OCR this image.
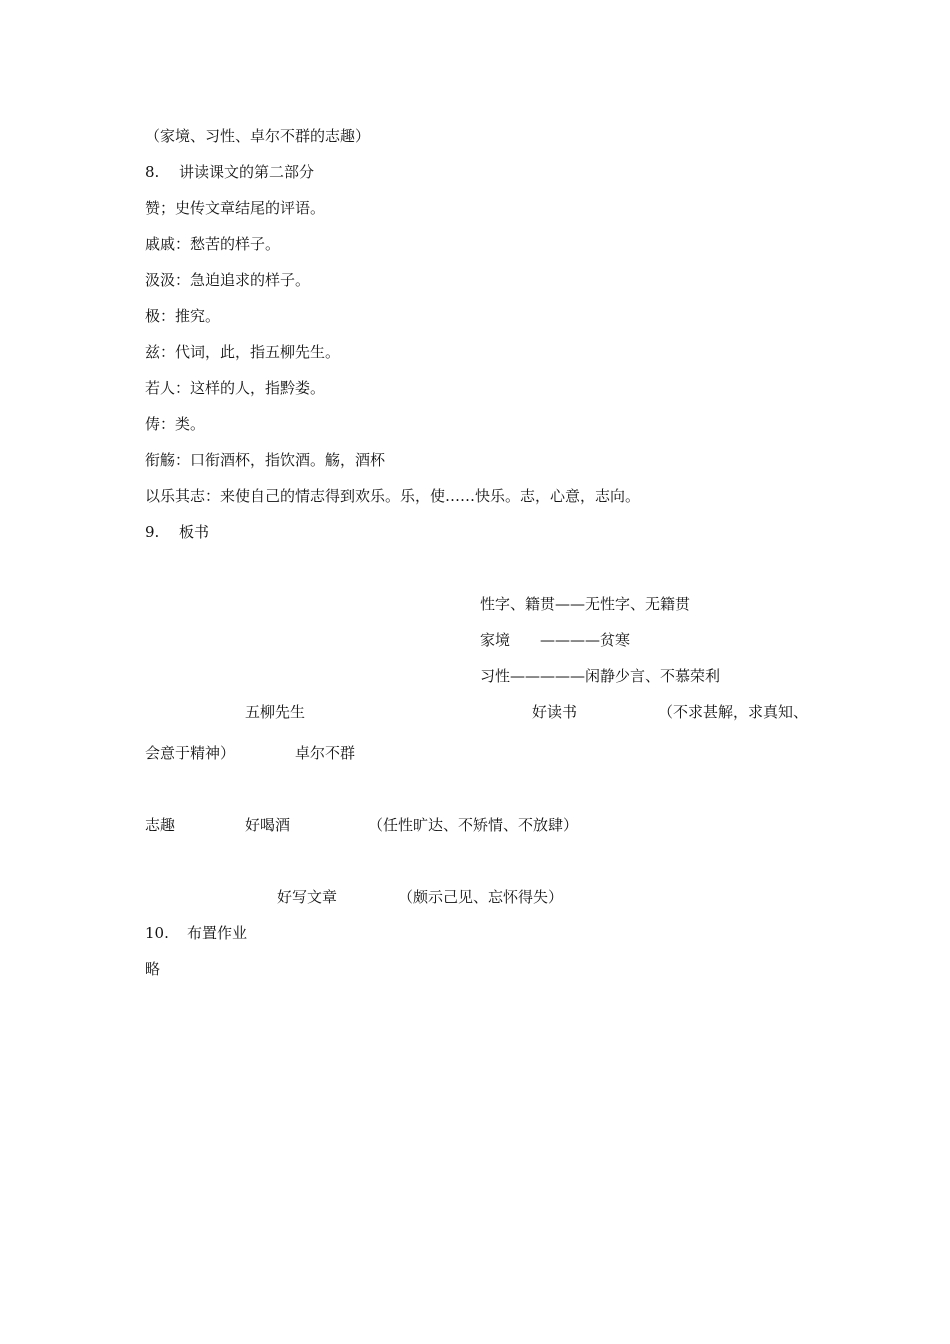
（家境、习性、卓尔不群的志趣）
8. 讲读课文的第二部分
赞；史传文章结尾的评语。
戚戚：愁苦的样子。
汲汲：急迫追求的样子。
极：推究。
兹：代词，此，指五柳先生。
若人：这样的人，指黔娄。
俦：类。
衔觞：口衔酒杯，指饮酒。觞，酒杯
以乐其志：来使自己的情志得到欢乐。乐，使……快乐。志，心意，志向。
9. 板书
性字、籍贯——无性字、无籍贯
家境　　————贫寒
习性—————闲静少言、不慕荣利
五柳先生	好读书	（不求甚解，求真知、
会意于精神）	卓尔不群
志趣	好喝酒	（任性旷达、不矫情、不放肆）
好写文章	（颇示己见、忘怀得失）
10. 布置作业
略
